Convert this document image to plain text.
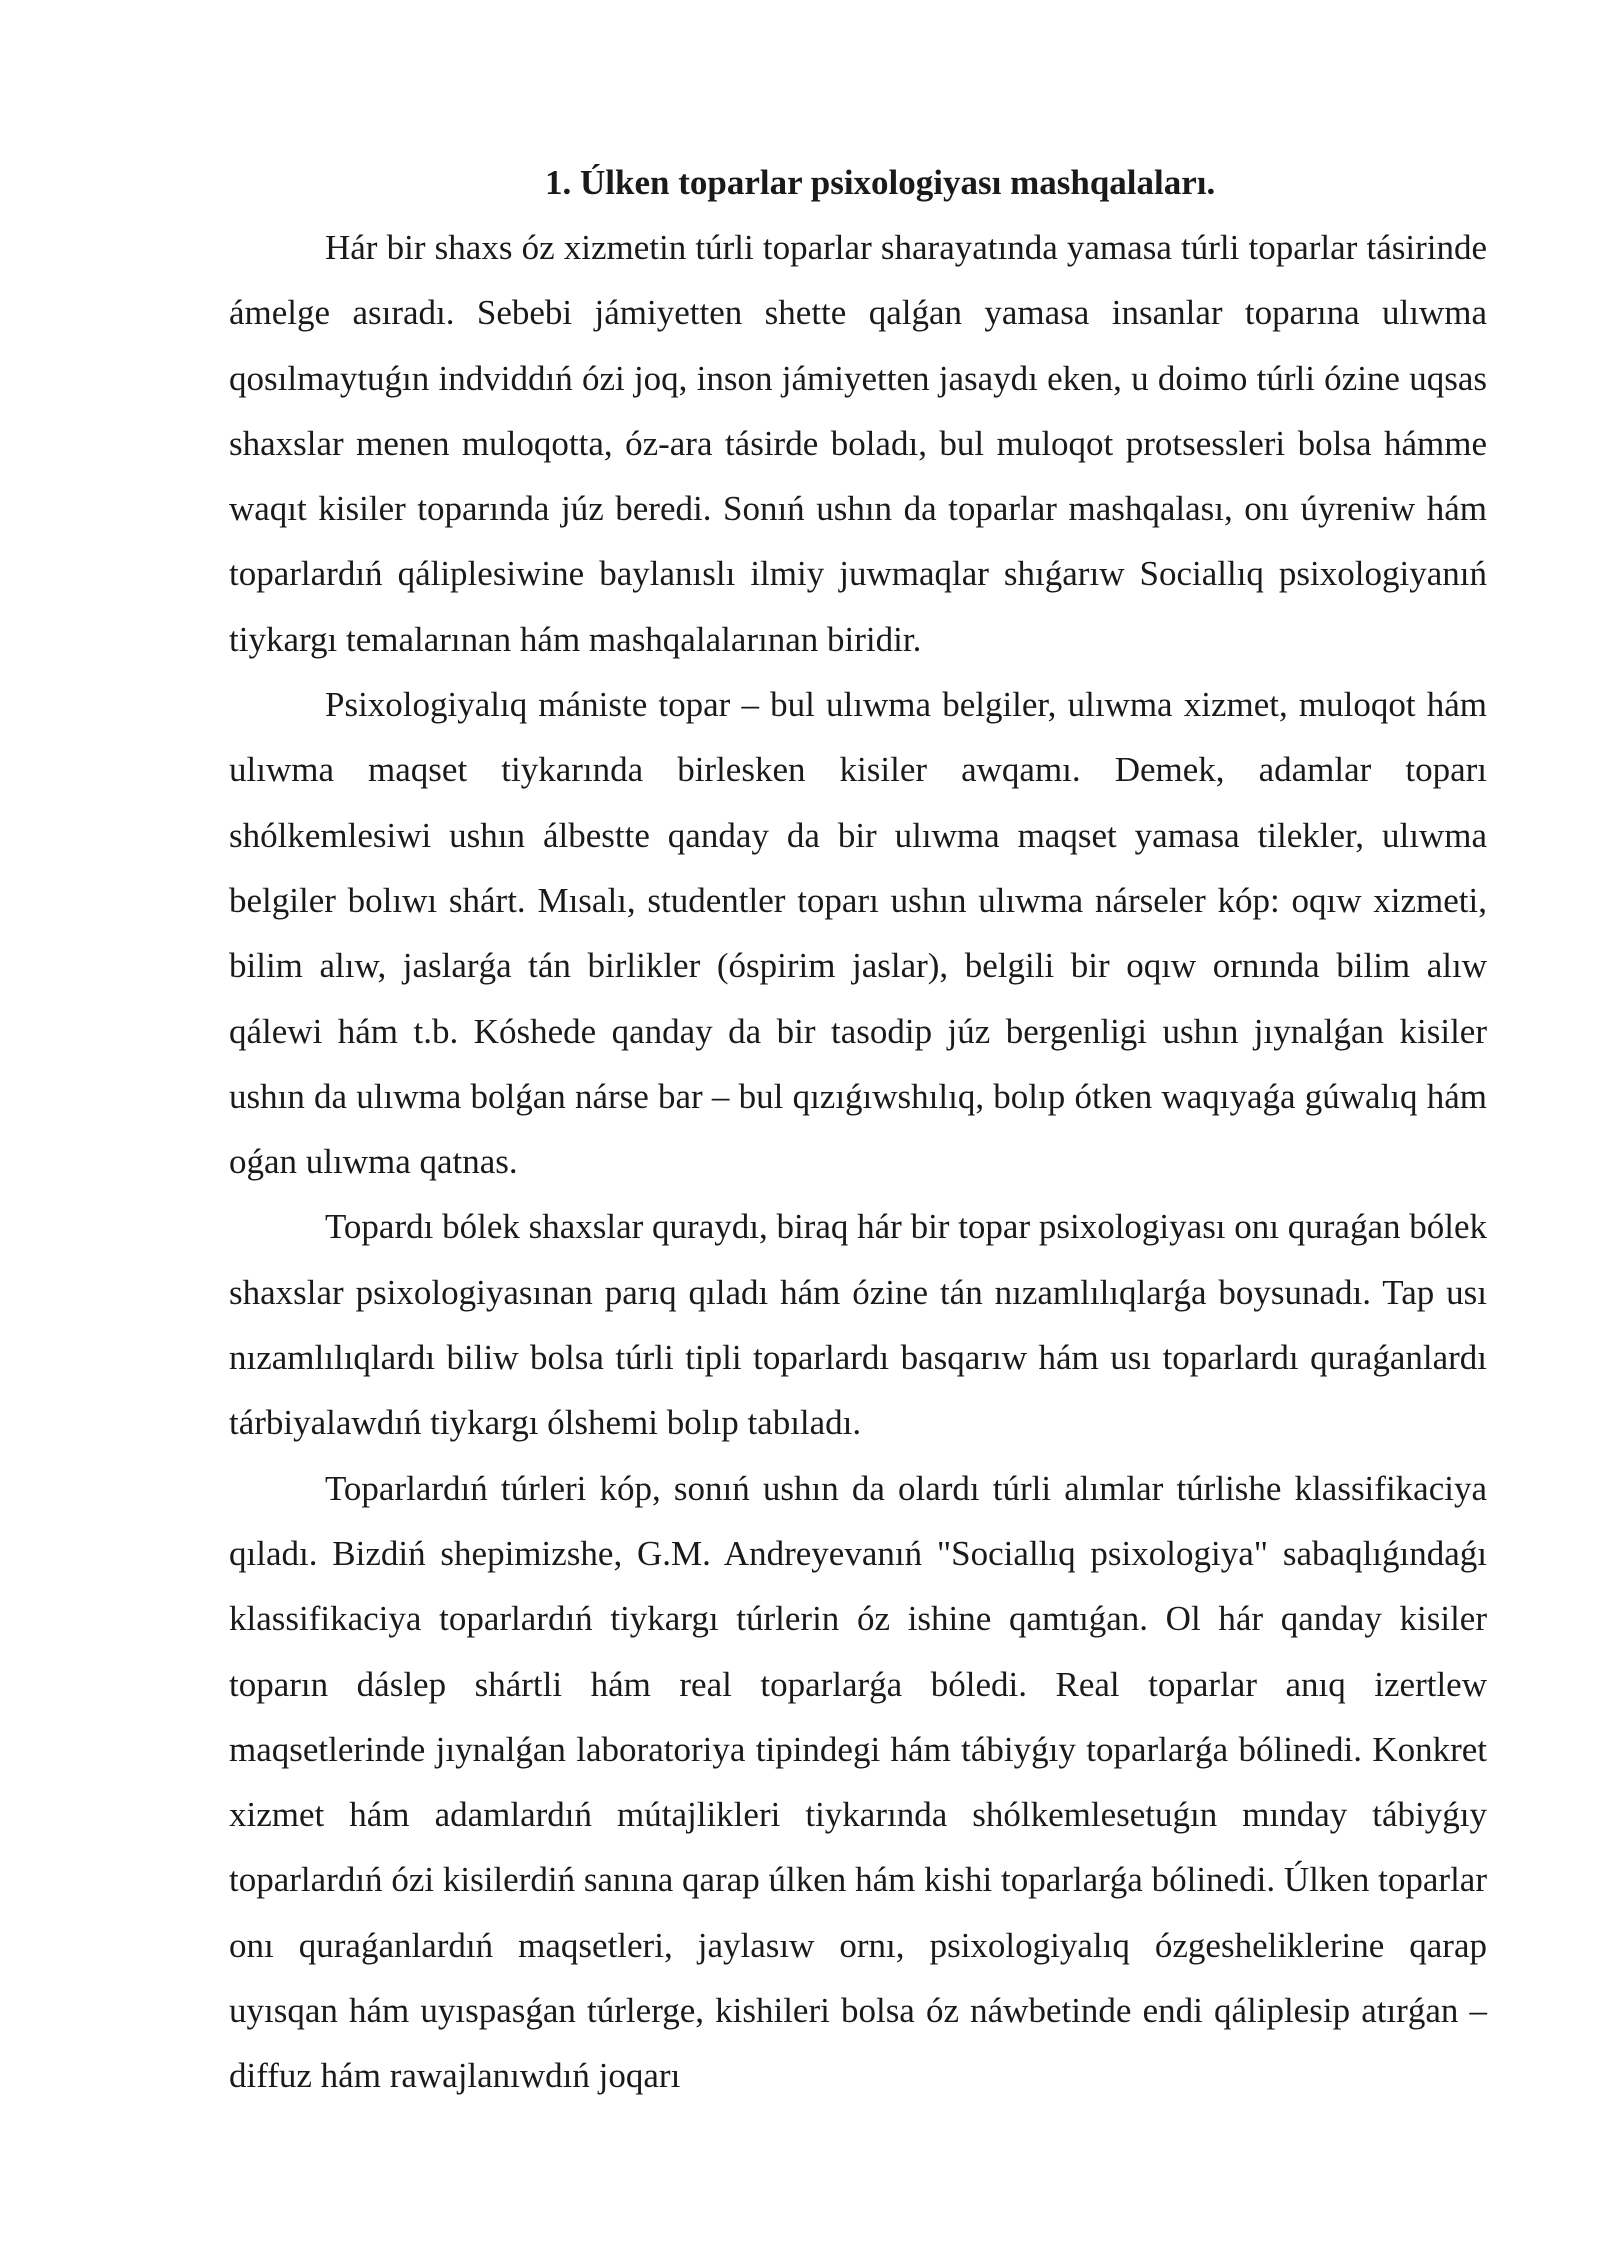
1. Úlken toparlar psixologiyası mashqalaları.

Hár bir shaxs óz xizmetin túrli toparlar sharayatında yamasa túrli toparlar tásirinde ámelge asıradı. Sebebi jámiyetten shette qalǵan yamasa insanlar toparına ulıwma qosılmaytuǵın indviddıń ózi joq, inson jámiyetten jasaydı eken, u doimo túrli ózine uqsas shaxslar menen muloqotta, óz-ara tásirde boladı, bul muloqot protsessleri bolsa hámme waqıt kisiler toparında júz beredi. Sonıń ushın da toparlar mashqalası, onı úyreniw hám toparlardıń qáliplesiwine baylanıslı ilmiy juwmaqlar shıǵarıw Sociallıq psixologiyanıń tiykargı temalarınan hám mashqalalarınan biridir.

Psixologiyalıq mániste topar – bul ulıwma belgiler, ulıwma xizmet, muloqot hám ulıwma maqset tiykarında birlesken kisiler awqamı. Demek, adamlar toparı shólkemlesiwi ushın álbestte qanday da bir ulıwma maqset yamasa tilekler, ulıwma belgiler bolıwı shárt. Mısalı, studentler toparı ushın ulıwma nárseler kóp: oqıw xizmeti, bilim alıw, jaslarǵa tán birlikler (óspirim jaslar), belgili bir oqıw ornında bilim alıw qálewi hám t.b. Kóshede qanday da bir tasodip júz bergenligi ushın jıynalǵan kisiler ushın da ulıwma bolǵan nárse bar – bul qızıǵıwshılıq, bolıp ótken waqıyaǵa gúwalıq hám oǵan ulıwma qatnas.

Topardı bólek shaxslar quraydı, biraq hár bir topar psixologiyası onı quraǵan bólek shaxslar psixologiyasınan parıq qıladı hám ózine tán nızamlılıqlarǵa boysunadı. Tap usı nızamlılıqlardı biliw bolsa túrli tipli toparlardı basqarıw hám usı toparlardı quraǵanlardı tárbiyalawdıń tiykargı ólshemi bolıp tabıladı.

Toparlardıń túrleri kóp, sonıń ushın da olardı túrli alımlar túrlishe klassifikaciya qıladı. Bizdiń shepimizshe, G.M. Andreyevanıń "Sociallıq psixologiya" sabaqlıǵındaǵı klassifikaciya toparlardıń tiykargı túrlerin óz ishine qamtıǵan. Ol hár qanday kisiler toparın dáslep shártli hám real toparlarǵa bóledi. Real toparlar anıq izertlew maqsetlerinde jıynalǵan laboratoriya tipindegi hám tábiyǵıy toparlarǵa bólinedi. Konkret xizmet hám adamlardıń mútajlikleri tiykarında shólkemlesetuǵın mınday tábiyǵıy toparlardıń ózi kisilerdiń sanına qarap úlken hám kishi toparlarǵa bólinedi. Úlken toparlar onı quraǵanlardıń maqsetleri, jaylasıw ornı, psixologiyalıq ózgesheliklerine qarap uyısqan hám uyıspasǵan túrlerge, kishileri bolsa óz náwbetinde endi qáliplesip atırǵan – diffuz hám rawajlanıwdıń joqarı
